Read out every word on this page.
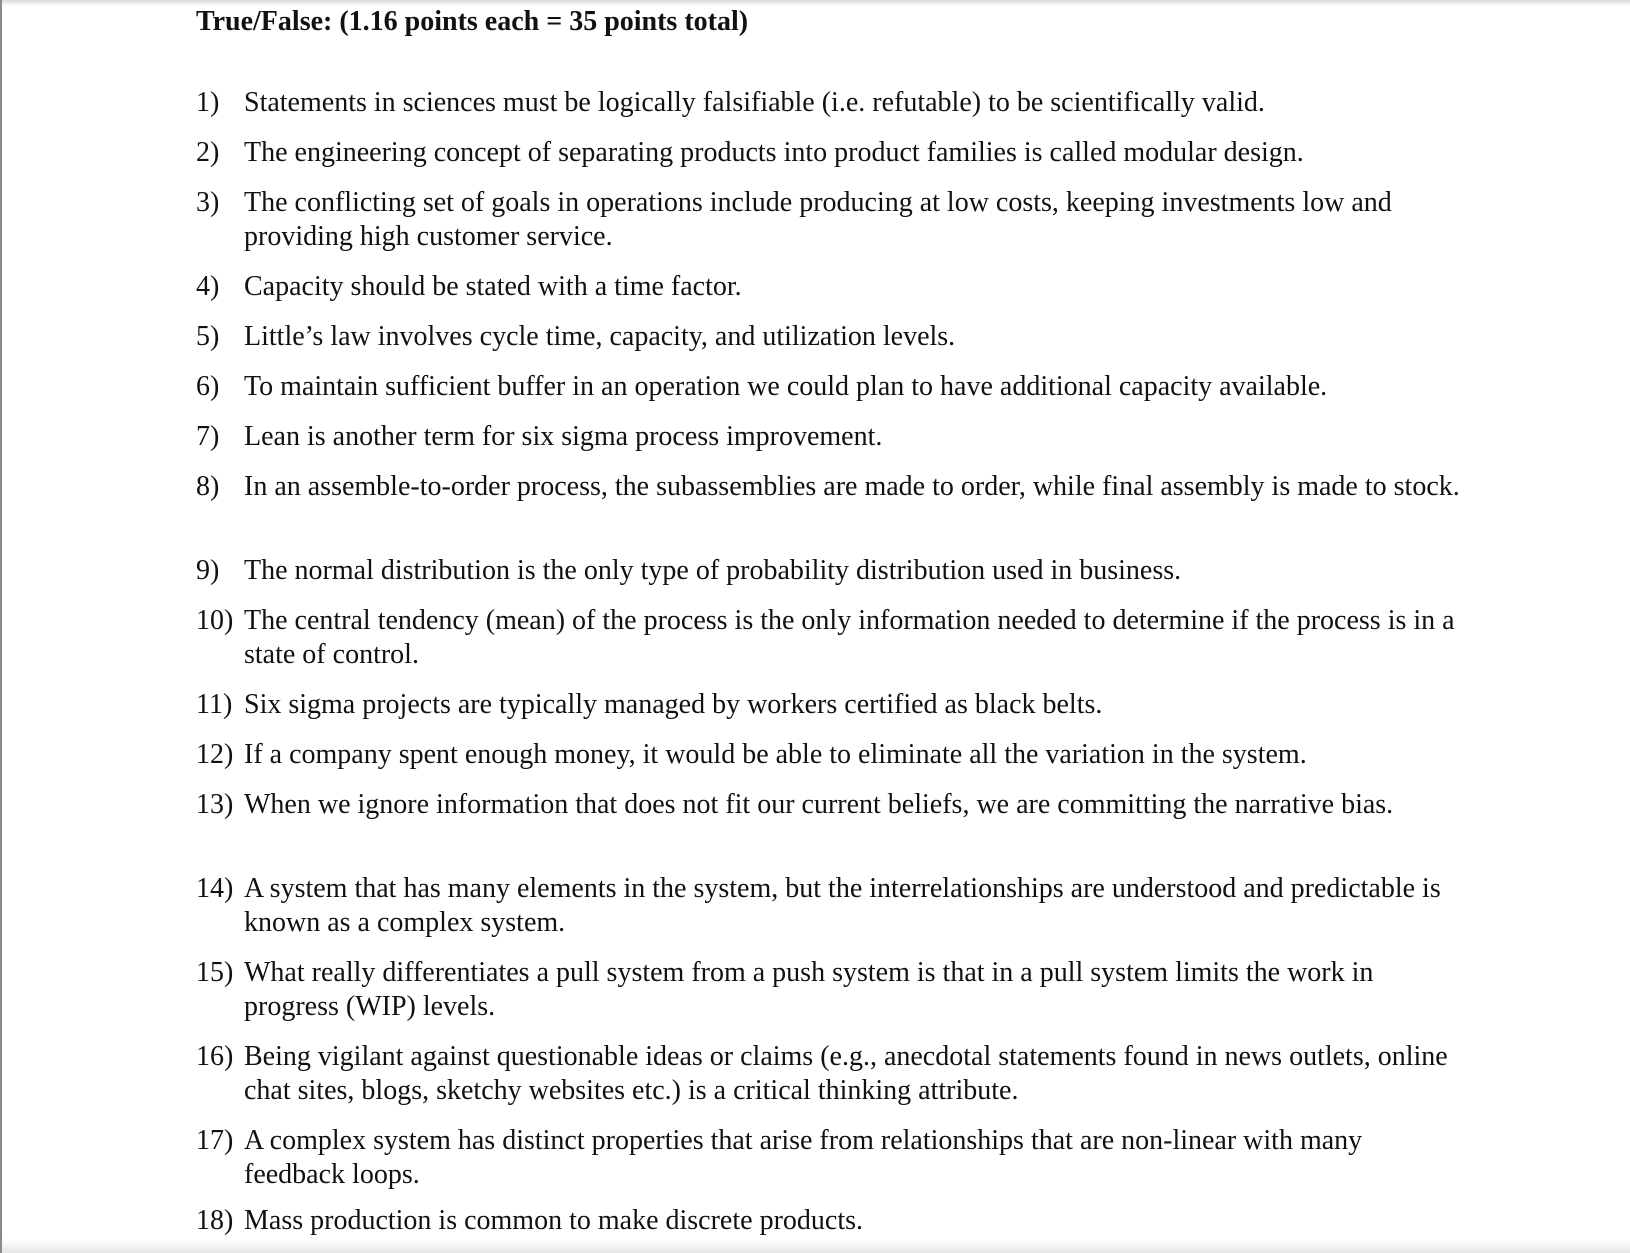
True/False: (1.16 points each = 35 points total)
1) Statements in sciences must be logically falsifiable (i.e. refutable) to be scientifically valid.
2) The engineering concept of separating products into product families is called modular design.
3) The conflicting set of goals in operations include producing at low costs, keeping investments low and providing high customer service.
4) Capacity should be stated with a time factor.
5) Little’s law involves cycle time, capacity, and utilization levels.
6) To maintain sufficient buffer in an operation we could plan to have additional capacity available.
7) Lean is another term for six sigma process improvement.
8) In an assemble-to-order process, the subassemblies are made to order, while final assembly is made to stock.
9) The normal distribution is the only type of probability distribution used in business.
10) The central tendency (mean) of the process is the only information needed to determine if the process is in a state of control.
11) Six sigma projects are typically managed by workers certified as black belts.
12) If a company spent enough money, it would be able to eliminate all the variation in the system.
13) When we ignore information that does not fit our current beliefs, we are committing the narrative bias.
14) A system that has many elements in the system, but the interrelationships are understood and predictable is known as a complex system.
15) What really differentiates a pull system from a push system is that in a pull system limits the work in progress (WIP) levels.
16) Being vigilant against questionable ideas or claims (e.g., anecdotal statements found in news outlets, online chat sites, blogs, sketchy websites etc.) is a critical thinking attribute.
17) A complex system has distinct properties that arise from relationships that are non-linear with many feedback loops.
18) Mass production is common to make discrete products.
